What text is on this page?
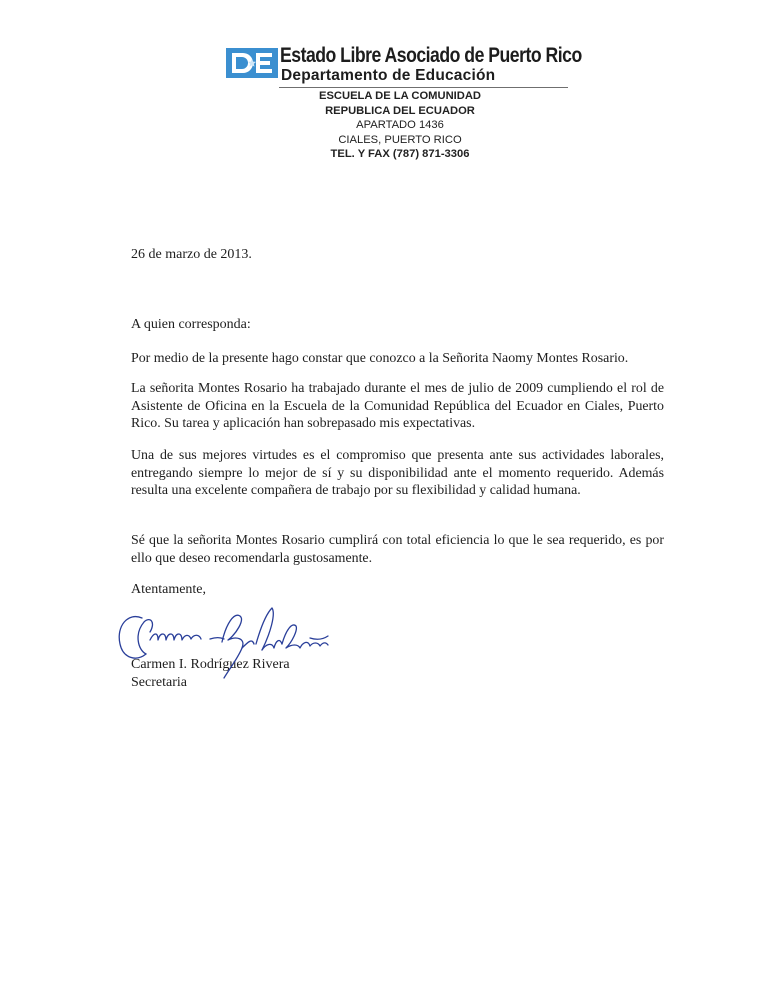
Estado Libre Asociado de Puerto Rico
Departamento de Educación
ESCUELA DE LA COMUNIDAD
REPUBLICA DEL ECUADOR
APARTADO 1436
CIALES, PUERTO RICO
TEL. Y FAX (787) 871-3306
26 de marzo de 2013.
A quien corresponda:
Por medio de la presente hago constar que conozco a la Señorita Naomy Montes Rosario.
La señorita Montes Rosario ha trabajado durante el mes de julio de 2009 cumpliendo el rol de Asistente de Oficina en la Escuela de la Comunidad República del Ecuador en Ciales, Puerto Rico. Su tarea y aplicación han sobrepasado mis expectativas.
Una de sus mejores virtudes es el compromiso que presenta ante sus actividades laborales, entregando siempre lo mejor de sí y su disponibilidad ante el momento requerido. Además resulta una excelente compañera de trabajo por su flexibilidad y calidad humana.
Sé que la señorita Montes Rosario cumplirá con total eficiencia lo que le sea requerido, es por ello que deseo recomendarla gustosamente.
Atentamente,
Carmen I. Rodríguez Rivera
Secretaria
